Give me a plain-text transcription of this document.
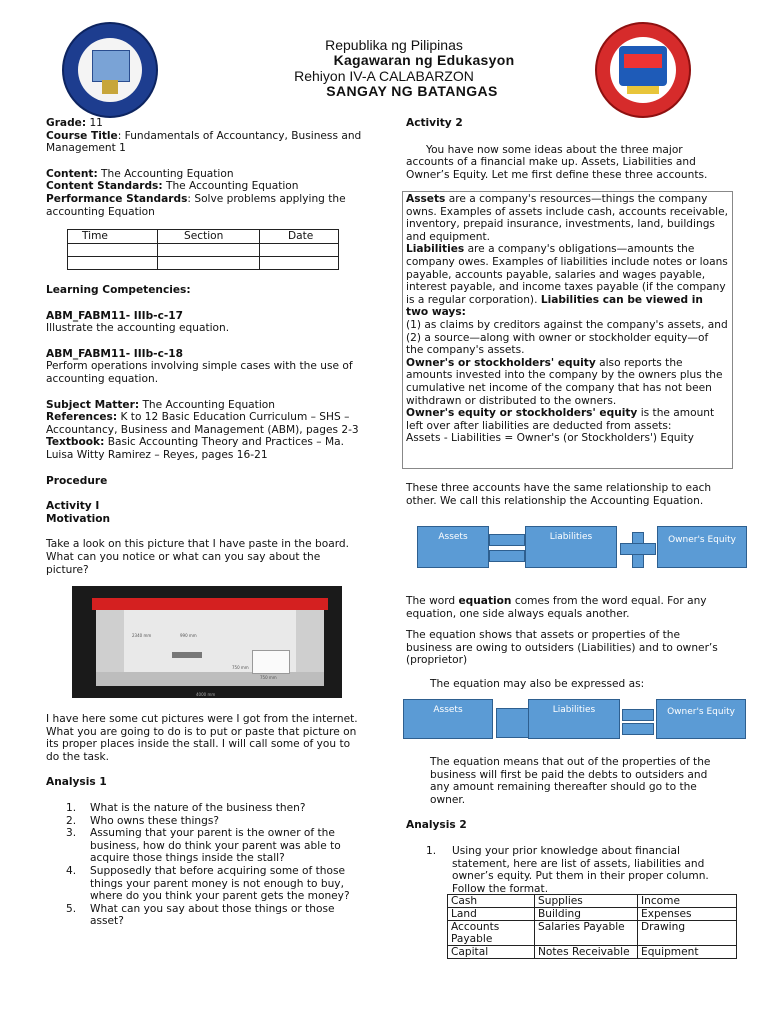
Republika ng Pilipinas
Kagawaran ng Edukasyon
Rehiyon IV-A CALABARZON
SANGAY NG BATANGAS

Grade: 11

Course Title: Fundamentals of Accountancy, Business and Management 1

Content: The Accounting Equation

Content Standards: The Accounting Equation

Performance Standards: Solve problems applying the accounting Equation

Time	Section	Date

Learning Competencies:

ABM_FABM11- IIIb-c-17

Illustrate the accounting equation.

ABM_FABM11- IIIb-c-18

Perform operations involving simple cases with the use of accounting equation.

Subject Matter: The Accounting Equation

References: K to 12 Basic Education Curriculum – SHS –Accountancy, Business and Management (ABM), pages 2-3

Textbook: Basic Accounting Theory and Practices – Ma. Luisa Witty Ramirez – Reyes, pages 16-21

Procedure

Activity I

Motivation

Take a look on this picture that I have paste in the board. What can you notice or what can you say about the picture?

2340 mm	990 mm
750 mm
750 mm
4000 mm

I have here some cut pictures were I got from the internet. What you are going to do is to put or paste that picture on its proper places inside the stall. I will call some of you to do the task.

Analysis 1

1.	What is the nature of the business then?
2.	Who owns these things?
3.	Assuming that your parent is the owner of the business, how do think your parent was able to acquire those things inside the stall?
4.	Supposedly that before acquiring some of those things your parent money is not enough to buy, where do you think your parent gets the money?
5.	What can you say about those things or those asset?

Activity 2

You have now some ideas about the three major accounts of a financial make up. Assets, Liabilities and Owner’s Equity. Let me first define these three accounts.

Assets are a company's resources—things the company owns. Examples of assets include cash, accounts receivable, inventory, prepaid insurance, investments, land, buildings and equipment.

Liabilities are a company's obligations—amounts the company owes. Examples of liabilities include notes or loans payable, accounts payable, salaries and wages payable, interest payable, and income taxes payable (if the company is a regular corporation). Liabilities can be viewed in two ways:

(1) as claims by creditors against the company's assets, and

(2) a source—along with owner or stockholder equity—of the company's assets.

Owner's or stockholders' equity also reports the amounts invested into the company by the owners plus the cumulative net income of the company that has not been withdrawn or distributed to the owners.

Owner's equity or stockholders' equity is the amount left over after liabilities are deducted from assets:

Assets - Liabilities = Owner's (or Stockholders') Equity

These three accounts have the same relationship to each other. We call this relationship the Accounting Equation.

Assets	Liabilities	Owner's Equity

The word equation comes from the word equal. For any equation, one side always equals another.

The equation shows that assets or properties of the business are owing to outsiders (Liabilities) and to owner’s (proprietor)

The equation may also be expressed as:

Assets	Liabilities	Owner's Equity

The equation means that out of the properties of the business will first be paid the debts to outsiders and any amount remaining thereafter should go to the owner.

Analysis 2

1.	Using your prior knowledge about financial statement, here are list of assets, liabilities and owner’s equity. Put them in their proper column. Follow the format.
Cash	Supplies	Income
Land	Building	Expenses
Accounts Payable	Salaries Payable	Drawing
Capital	Notes Receivable	Equipment
